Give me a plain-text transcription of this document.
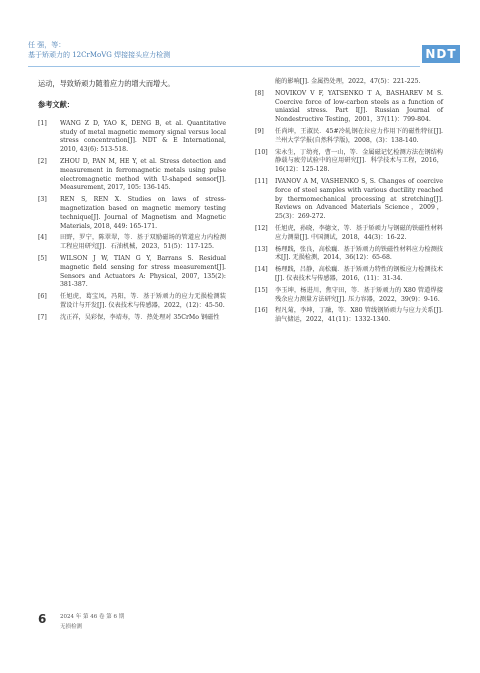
任 强，等：
基于矫顽力的 12CrMoVG 焊接接头应力检测	NDT
运动，导致矫顽力随着应力的增大而增大。
参考文献：
[1] WANG Z D, YAO K, DENG B, et al. Quantitative study of metal magnetic memory signal versus local stress concentration[J]. NDT & E International, 2010, 43(6): 513-518.
[2] ZHOU D, PAN M, HE Y, et al. Stress detection and measurement in ferromagnetic metals using pulse electromagnetic method with U-shaped sensor[J]. Measurement, 2017, 105: 136-145.
[3] REN S, REN X. Studies on laws of stress-magnetization based on magnetic memory testing technique[J]. Journal of Magnetism and Magnetic Materials, 2018, 449: 165-171.
[4] 田野，罗宁，陈翠翠，等．基于双励磁场的管道应力内检测工程应用研究[J]．石油机械，2023，51(5)：117-125.
[5] WILSON J W, TIAN G Y, Barrans S. Residual magnetic field sensing for stress measurement[J]. Sensors and Actuators A: Physical, 2007, 135(2): 381-387.
[6] 任旭虎，葛宝凤，冯阳，等．基于矫顽力的应力无损检测装置设计与开发[J]. 仪表技术与传感器，2022，(12)：45-50.
[7] 沈正祥，吴彩保，李靖寿，等．热处理对 35CrMo 钢磁性
能的影响[J]. 金属热处理，2022，47(5)：221-225.
[8] NOVIKOV V F, YATSENKO T A, BASHAREV M S. Coercive force of low-carbon steels as a function of uniaxial stress. Part I[J]. Russian Journal of Nondestructive Testing，2001，37(11)：799-804.
[9] 任尚坤，王淑民．45#冷轧钢在拉应力作用下的磁性特征[J]. 兰州大学学报(自然科学版)，2008，(3)：138-140.
[10] 宋永生，丁幼亮，曹一山，等．金属磁记忆检测方法在钢结构静载与疲劳试验中的应用研究[J]．科学技术与工程，2016，16(12)：125-128.
[11] IVANOV A M, VASHENKO S, S. Changes of coercive force of steel samples with various ductility reached by thermomechanical processing at stretching[J]. Reviews on Advanced Materials Science，2009，25(3)：269-272.
[12] 任旭虎，孙晓，李德文，等．基于矫顽力与钢磁的铁磁性材料应力测量[J]. 中国测试，2018，44(3)：16-22.
[13] 杨理践，张良，高松巍．基于矫顽力的铁磁性材料应力检测技术[J]. 无损检测，2014，36(12)：65-68.
[14] 杨理践，吕静，高松巍．基于矫顽力特性的钢板应力检测技术[J]. 仪表技术与传感器，2016，(11)：31-34.
[15] 李玉坤，杨进川，焦守田，等．基于矫顽力的 X80 管道焊接残余应力测量方法研究[J]. 压力容器，2022，39(9)：9-16.
[16] 程凡菊，李坤，丁融，等．X80 管线钢矫顽力与应力关系[J]. 油气储运，2022，41(11)：1332-1340.
6 2024 年 第 46 卷 第 6 期
无损检测
